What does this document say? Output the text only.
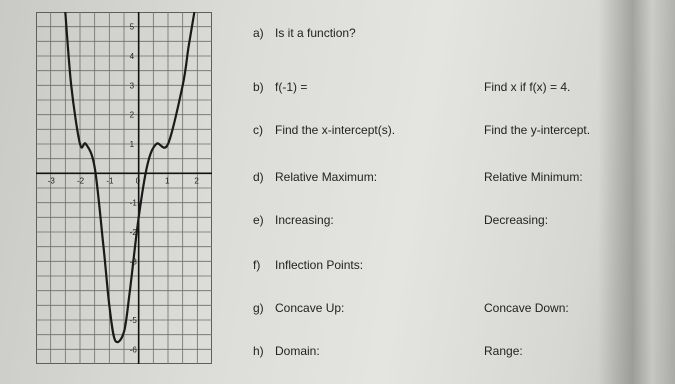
-3	-2	-1	0	1	2
5
4
3
2
1
-1
-2
-3
-5
-6
a) Is it a function?
b) f(-1) =	Find x if f(x) = 4.
c) Find the x-intercept(s).	Find the y-intercept.
d) Relative Maximum:	Relative Minimum:
e) Increasing:	Decreasing:
f) Inflection Points:
g) Concave Up:	Concave Down:
h) Domain:	Range:
